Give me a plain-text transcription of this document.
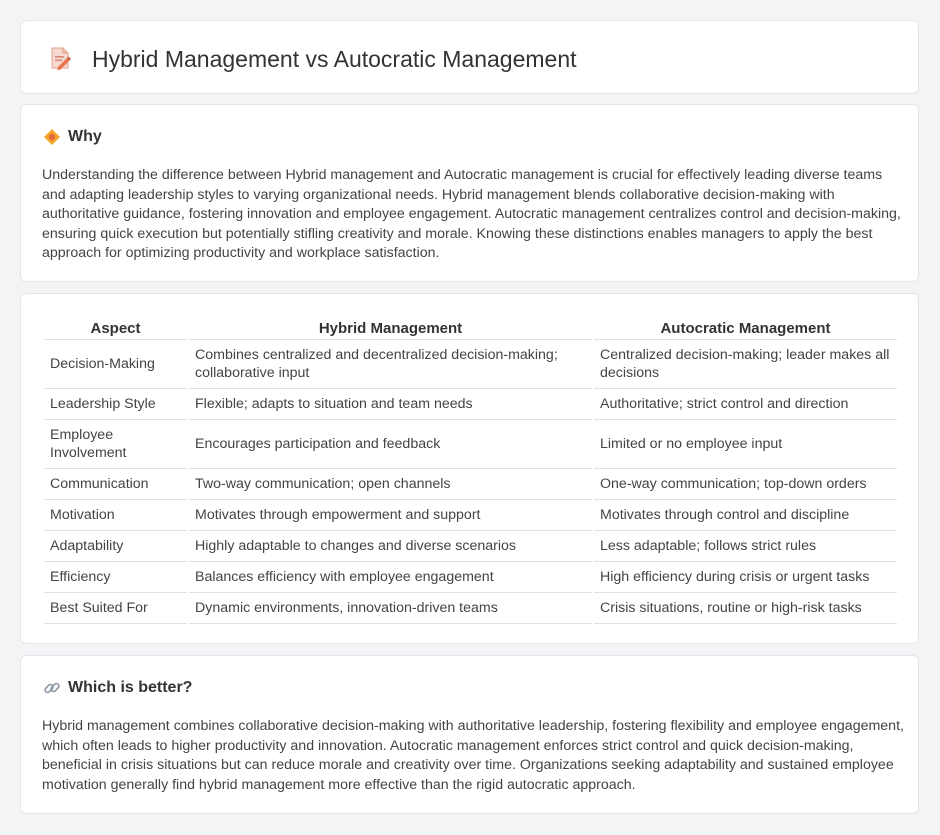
Hybrid Management vs Autocratic Management
Why

Understanding the difference between Hybrid management and Autocratic management is crucial for effectively leading diverse teams and adapting leadership styles to varying organizational needs. Hybrid management blends collaborative decision-making with authoritative guidance, fostering innovation and employee engagement. Autocratic management centralizes control and decision-making, ensuring quick execution but potentially stifling creativity and morale. Knowing these distinctions enables managers to apply the best approach for optimizing productivity and workplace satisfaction.

Aspect	Hybrid Management	Autocratic Management
Decision-Making	Combines centralized and decentralized decision-making; collaborative input	Centralized decision-making; leader makes all decisions
Leadership Style	Flexible; adapts to situation and team needs	Authoritative; strict control and direction
Employee Involvement	Encourages participation and feedback	Limited or no employee input
Communication	Two-way communication; open channels	One-way communication; top-down orders
Motivation	Motivates through empowerment and support	Motivates through control and discipline
Adaptability	Highly adaptable to changes and diverse scenarios	Less adaptable; follows strict rules
Efficiency	Balances efficiency with employee engagement	High efficiency during crisis or urgent tasks
Best Suited For	Dynamic environments, innovation-driven teams	Crisis situations, routine or high-risk tasks
Which is better?

Hybrid management combines collaborative decision-making with authoritative leadership, fostering flexibility and employee engagement, which often leads to higher productivity and innovation. Autocratic management enforces strict control and quick decision-making, beneficial in crisis situations but can reduce morale and creativity over time. Organizations seeking adaptability and sustained employee motivation generally find hybrid management more effective than the rigid autocratic approach.
